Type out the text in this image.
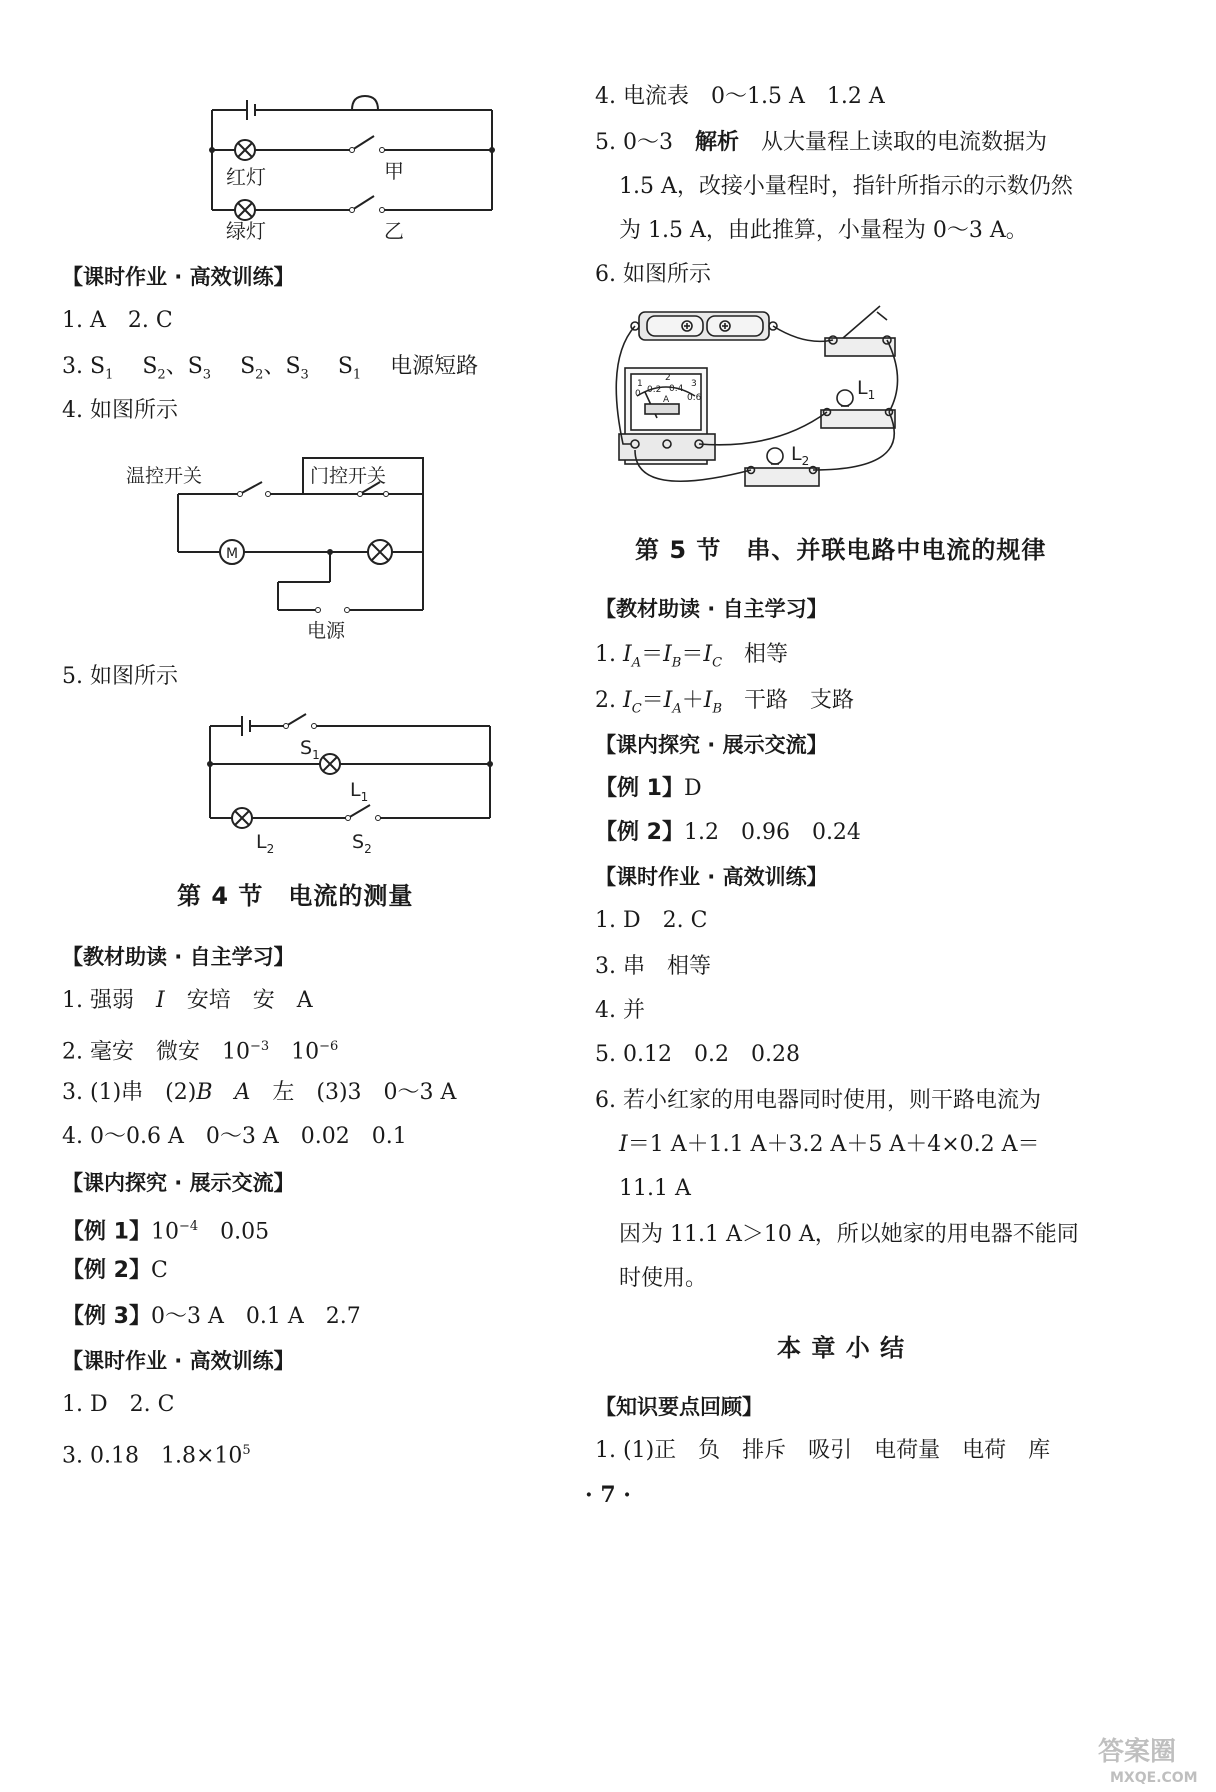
红灯
绿灯
甲
乙
【课时作业 · 高效训练】
1. A　2. C
3. $S_1$　 $S_2$、$S_3$　 $S_2$、$S_3$　 $S_1$　 电源短路
4. 如图所示
M
温控开关	门控开关
电源
5. 如图所示
$S_1$
$L_1$
$L_2$	$S_2$
第 4 节　电流的测量
【教材助读 · 自主学习】
1. 强弱　I　安培　安　A
2. 毫安　微安　$10^{-3}$　$10^{-6}$
3. (1)串　(2)B　 A　左　(3)3　0～3 A
4. 0～0.6 A　0～3 A　0.02　0.1
【课内探究 · 展示交流】
【例 1】$10^{-4}$　0.05
【例 2】C
【例 3】0～3 A　0.1 A　2.7
【课时作业 · 高效训练】
1. D　2. C
3. 0.18　$1.8\times 10^5$
4. 电流表　0～1.5 A　1.2 A
5. 0～3　解析　从大量程上读取的电流数据为
1.5 A，改接小量程时，指针所指示的示数仍然
为 1.5 A，由此推算，小量程为 0～3 A。
6. 如图所示
1
2
3
0 0.2 0.4
0.6
A
$L_1$
$L_2$
第 5 节　串、并联电路中电流的规律
【教材助读 · 自主学习】
1. $I_A=I_B=I_C$　相等
2. $I_C=I_A+I_B$　干路　支路
【课内探究 · 展示交流】
【例 1】D
【例 2】1.2　0.96　0.24
【课时作业 · 高效训练】
1. D　2. C
3. 串　相等
4. 并
5. 0.12　0.2　0.28
6. 若小红家的用电器同时使用，则干路电流为
I＝1 A＋1.1 A＋3.2 A＋5 A＋4×0.2 A＝
11.1 A
因为 11.1 A＞10 A，所以她家的用电器不能同
时使用。
本 章 小 结
【知识要点回顾】
1. (1)正　负　排斥　吸引　电荷量　电荷　库
· 7 ·
答案圈
MXQE.COM
